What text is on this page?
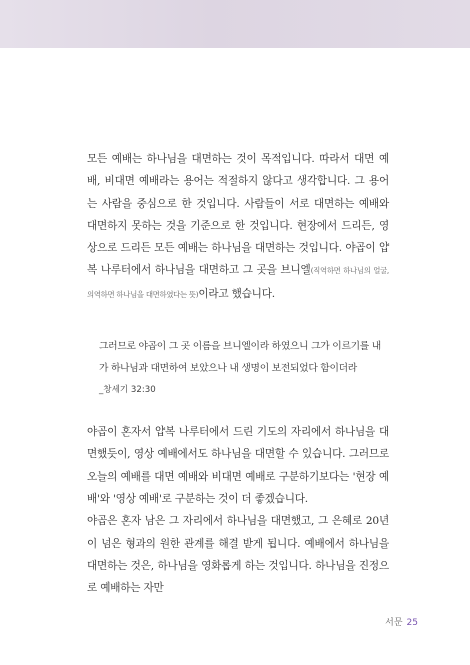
모든 예배는 하나님을 대면하는 것이 목적입니다. 따라서 대면 예배, 비대면 예배라는 용어는 적절하지 않다고 생각합니다. 그 용어는 사람을 중심으로 한 것입니다. 사람들이 서로 대면하는 예배와 대면하지 못하는 것을 기준으로 한 것입니다. 현장에서 드리든, 영상으로 드리든 모든 예배는 하나님을 대면하는 것입니다. 야곱이 얍복 나루터에서 하나님을 대면하고 그 곳을 브니엘(직역하면 하나님의 얼굴, 의역하면 하나님을 대면하였다는 뜻)이라고 했습니다.

그러므로 야곱이 그 곳 이름을 브니엘이라 하였으니 그가 이르기를 내가 하나님과 대면하여 보았으나 내 생명이 보전되었다 함이더라

_창세기 32:30

야곱이 혼자서 얍복 나루터에서 드린 기도의 자리에서 하나님을 대면했듯이, 영상 예배에서도 하나님을 대면할 수 있습니다. 그러므로 오늘의 예배를 대면 예배와 비대면 예배로 구분하기보다는 '현장 예배'와 '영상 예배'로 구분하는 것이 더 좋겠습니다.

야곱은 혼자 남은 그 자리에서 하나님을 대면했고, 그 은혜로 20년이 넘은 형과의 원한 관계를 해결 받게 됩니다. 예배에서 하나님을 대면하는 것은, 하나님을 영화롭게 하는 것입니다. 하나님을 진정으로 예배하는 자만

서문 25
